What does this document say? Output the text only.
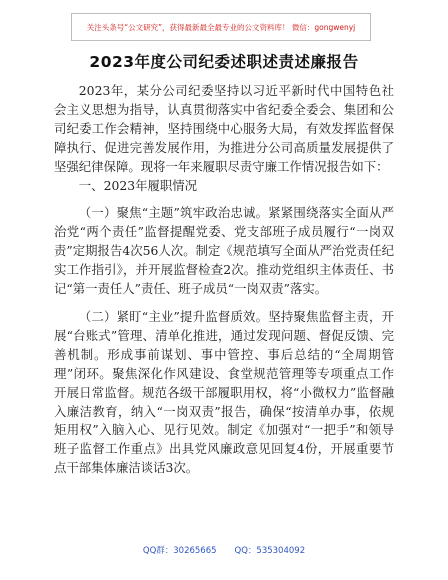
关注头条号“公文研究”，获得最新最全最专业的公文资料库！ 微信：gongwenyj
2023年度公司纪委述职述责述廉报告

2023年，某分公司纪委坚持以习近平新时代中国特色社会主义思想为指导，认真贯彻落实中省纪委全委会、集团和公司纪委工作会精神，坚持围绕中心服务大局，有效发挥监督保障执行、促进完善发展作用，为推进分公司高质量发展提供了坚强纪律保障。现将一年来履职尽责守廉工作情况报告如下：

一、2023年履职情况

（一）聚焦“主题”筑牢政治忠诚。紧紧围绕落实全面从严治党“两个责任”监督提醒党委、党支部班子成员履行“一岗双责”定期报告4次56人次。制定《规范填写全面从严治党责任纪实工作指引》，并开展监督检查2次。推动党组织主体责任、书记“第一责任人”责任、班子成员“一岗双责”落实。

（二）紧盯“主业”提升监督质效。坚持聚焦监督主责，开展“台账式”管理、清单化推进，通过发现问题、督促反馈、完善机制。形成事前谋划、事中管控、事后总结的“全周期管理”闭环。聚焦深化作风建设、食堂规范管理等专项重点工作开展日常监督。规范各级干部履职用权，将“小微权力”监督融入廉洁教育，纳入“一岗双责”报告，确保“按清单办事，依规矩用权”入脑入心、见行见效。制定《加强对“一把手”和领导班子监督工作重点》出具党风廉政意见回复4份，开展重要节点干部集体廉洁谈话3次。

QQ群：30265665 QQ：535304092
